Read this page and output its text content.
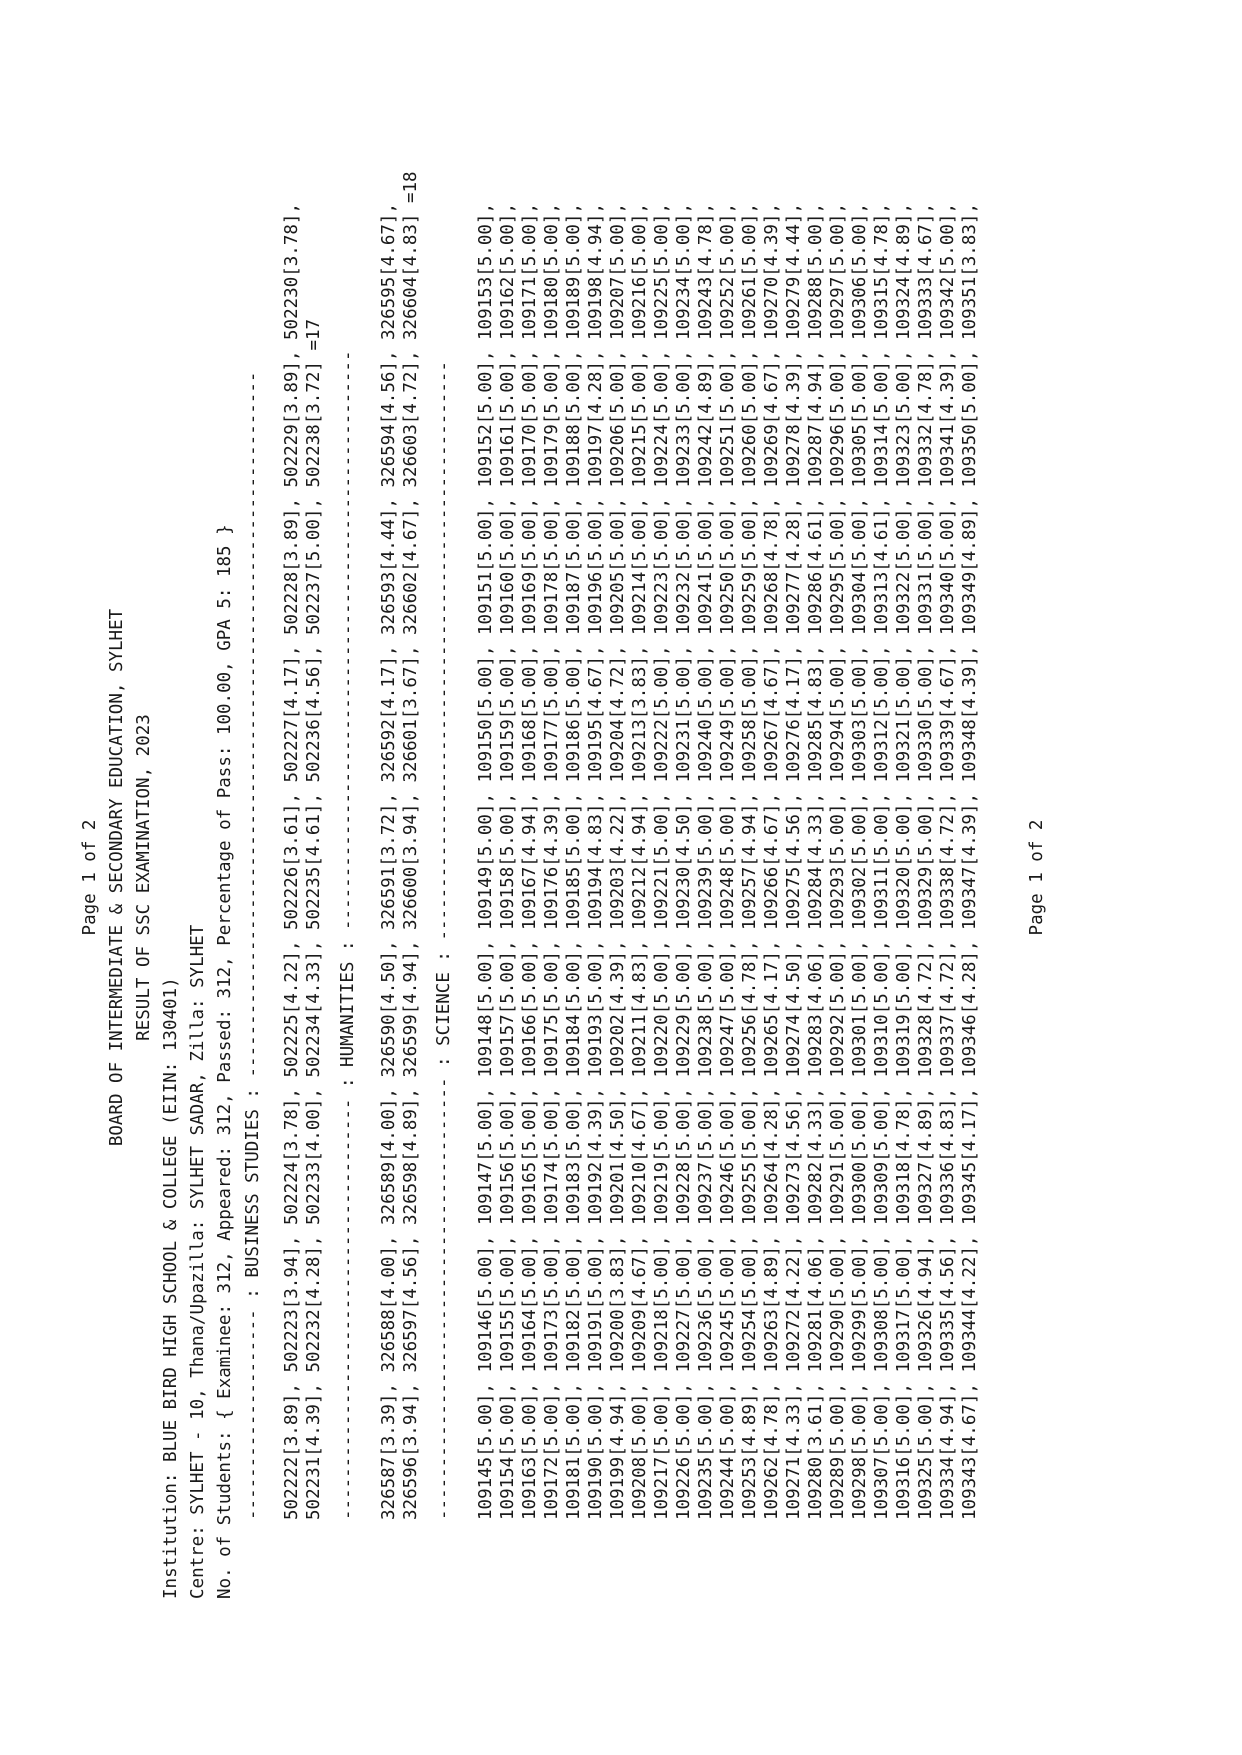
Page 1 of 2 BOARD OF INTERMEDIATE & SECONDARY EDUCATION, SYLHET RESULT OF SSC EXAMINATION, 2023
Institution: BLUE BIRD HIGH SCHOOL & COLLEGE (EIIN: 130401) Centre: SYLHET - 10, Thana/Upazilla: SYLHET SADAR, Zilla: SYLHET No. of Students: { Examinee: 312, Appeared: 312, Passed: 312, Percentage of Pass: 100.00, GPA 5: 185 } -------------------- : BUSINESS STUDIES : ------------------------------------------------------------------- 502222[3.89], 502223[3.94], 502224[3.78], 502225[4.22], 502226[3.61], 502227[4.17], 502228[3.89], 502229[3.89], 502230[3.78], 502231[4.39], 502232[4.28], 502233[4.00], 502234[4.33], 502235[4.61], 502236[4.56], 502237[5.00], 502238[3.72] =17 ---------------------------------------- : HUMANITIES : ------------------------------------------------------- 326587[3.39], 326588[4.00], 326589[4.00], 326590[4.50], 326591[3.72], 326592[4.17], 326593[4.44], 326594[4.56], 326595[4.67], 326596[3.94], 326597[4.56], 326598[4.89], 326599[4.94], 326600[3.94], 326601[3.67], 326602[4.67], 326603[4.72], 326604[4.83] =18 ------------------------------------------ : SCIENCE : ------------------------------------------------------- 109145[5.00], 109146[5.00], 109147[5.00], 109148[5.00], 109149[5.00], 109150[5.00], 109151[5.00], 109152[5.00], 109153[5.00], 109154[5.00], 109155[5.00], 109156[5.00], 109157[5.00], 109158[5.00], 109159[5.00], 109160[5.00], 109161[5.00], 109162[5.00], 109163[5.00], 109164[5.00], 109165[5.00], 109166[5.00], 109167[4.94], 109168[5.00], 109169[5.00], 109170[5.00], 109171[5.00], 109172[5.00], 109173[5.00], 109174[5.00], 109175[5.00], 109176[4.39], 109177[5.00], 109178[5.00], 109179[5.00], 109180[5.00], 109181[5.00], 109182[5.00], 109183[5.00], 109184[5.00], 109185[5.00], 109186[5.00], 109187[5.00], 109188[5.00], 109189[5.00], 109190[5.00], 109191[5.00], 109192[4.39], 109193[5.00], 109194[4.83], 109195[4.67], 109196[5.00], 109197[4.28], 109198[4.94], 109199[4.94], 109200[3.83], 109201[4.50], 109202[4.39], 109203[4.22], 109204[4.72], 109205[5.00], 109206[5.00], 109207[5.00], 109208[5.00], 109209[4.67], 109210[4.67], 109211[4.83], 109212[4.94], 109213[3.83], 109214[5.00], 109215[5.00], 109216[5.00], 109217[5.00], 109218[5.00], 109219[5.00], 109220[5.00], 109221[5.00], 109222[5.00], 109223[5.00], 109224[5.00], 109225[5.00], 109226[5.00], 109227[5.00], 109228[5.00], 109229[5.00], 109230[4.50], 109231[5.00], 109232[5.00], 109233[5.00], 109234[5.00], 109235[5.00], 109236[5.00], 109237[5.00], 109238[5.00], 109239[5.00], 109240[5.00], 109241[5.00], 109242[4.89], 109243[4.78], 109244[5.00], 109245[5.00], 109246[5.00], 109247[5.00], 109248[5.00], 109249[5.00], 109250[5.00], 109251[5.00], 109252[5.00], 109253[4.89], 109254[5.00], 109255[5.00], 109256[4.78], 109257[4.94], 109258[5.00], 109259[5.00], 109260[5.00], 109261[5.00], 109262[4.78], 109263[4.89], 109264[4.28], 109265[4.17], 109266[4.67], 109267[4.67], 109268[4.78], 109269[4.67], 109270[4.39], 109271[4.33], 109272[4.22], 109273[4.56], 109274[4.50], 109275[4.56], 109276[4.17], 109277[4.28], 109278[4.39], 109279[4.44], 109280[3.61], 109281[4.06], 109282[4.33], 109283[4.06], 109284[4.33], 109285[4.83], 109286[4.61], 109287[4.94], 109288[5.00], 109289[5.00], 109290[5.00], 109291[5.00], 109292[5.00], 109293[5.00], 109294[5.00], 109295[5.00], 109296[5.00], 109297[5.00], 109298[5.00], 109299[5.00], 109300[5.00], 109301[5.00], 109302[5.00], 109303[5.00], 109304[5.00], 109305[5.00], 109306[5.00], 109307[5.00], 109308[5.00], 109309[5.00], 109310[5.00], 109311[5.00], 109312[5.00], 109313[4.61], 109314[5.00], 109315[4.78], 109316[5.00], 109317[5.00], 109318[4.78], 109319[5.00], 109320[5.00], 109321[5.00], 109322[5.00], 109323[5.00], 109324[4.89], 109325[5.00], 109326[4.94], 109327[4.89], 109328[4.72], 109329[5.00], 109330[5.00], 109331[5.00], 109332[4.78], 109333[4.67], 109334[4.94], 109335[4.56], 109336[4.83], 109337[4.72], 109338[4.72], 109339[4.67], 109340[5.00], 109341[4.39], 109342[5.00], 109343[4.67], 109344[4.22], 109345[4.17], 109346[4.28], 109347[4.39], 109348[4.39], 109349[4.89], 109350[5.00], 109351[3.83],	Page 1 of 2
